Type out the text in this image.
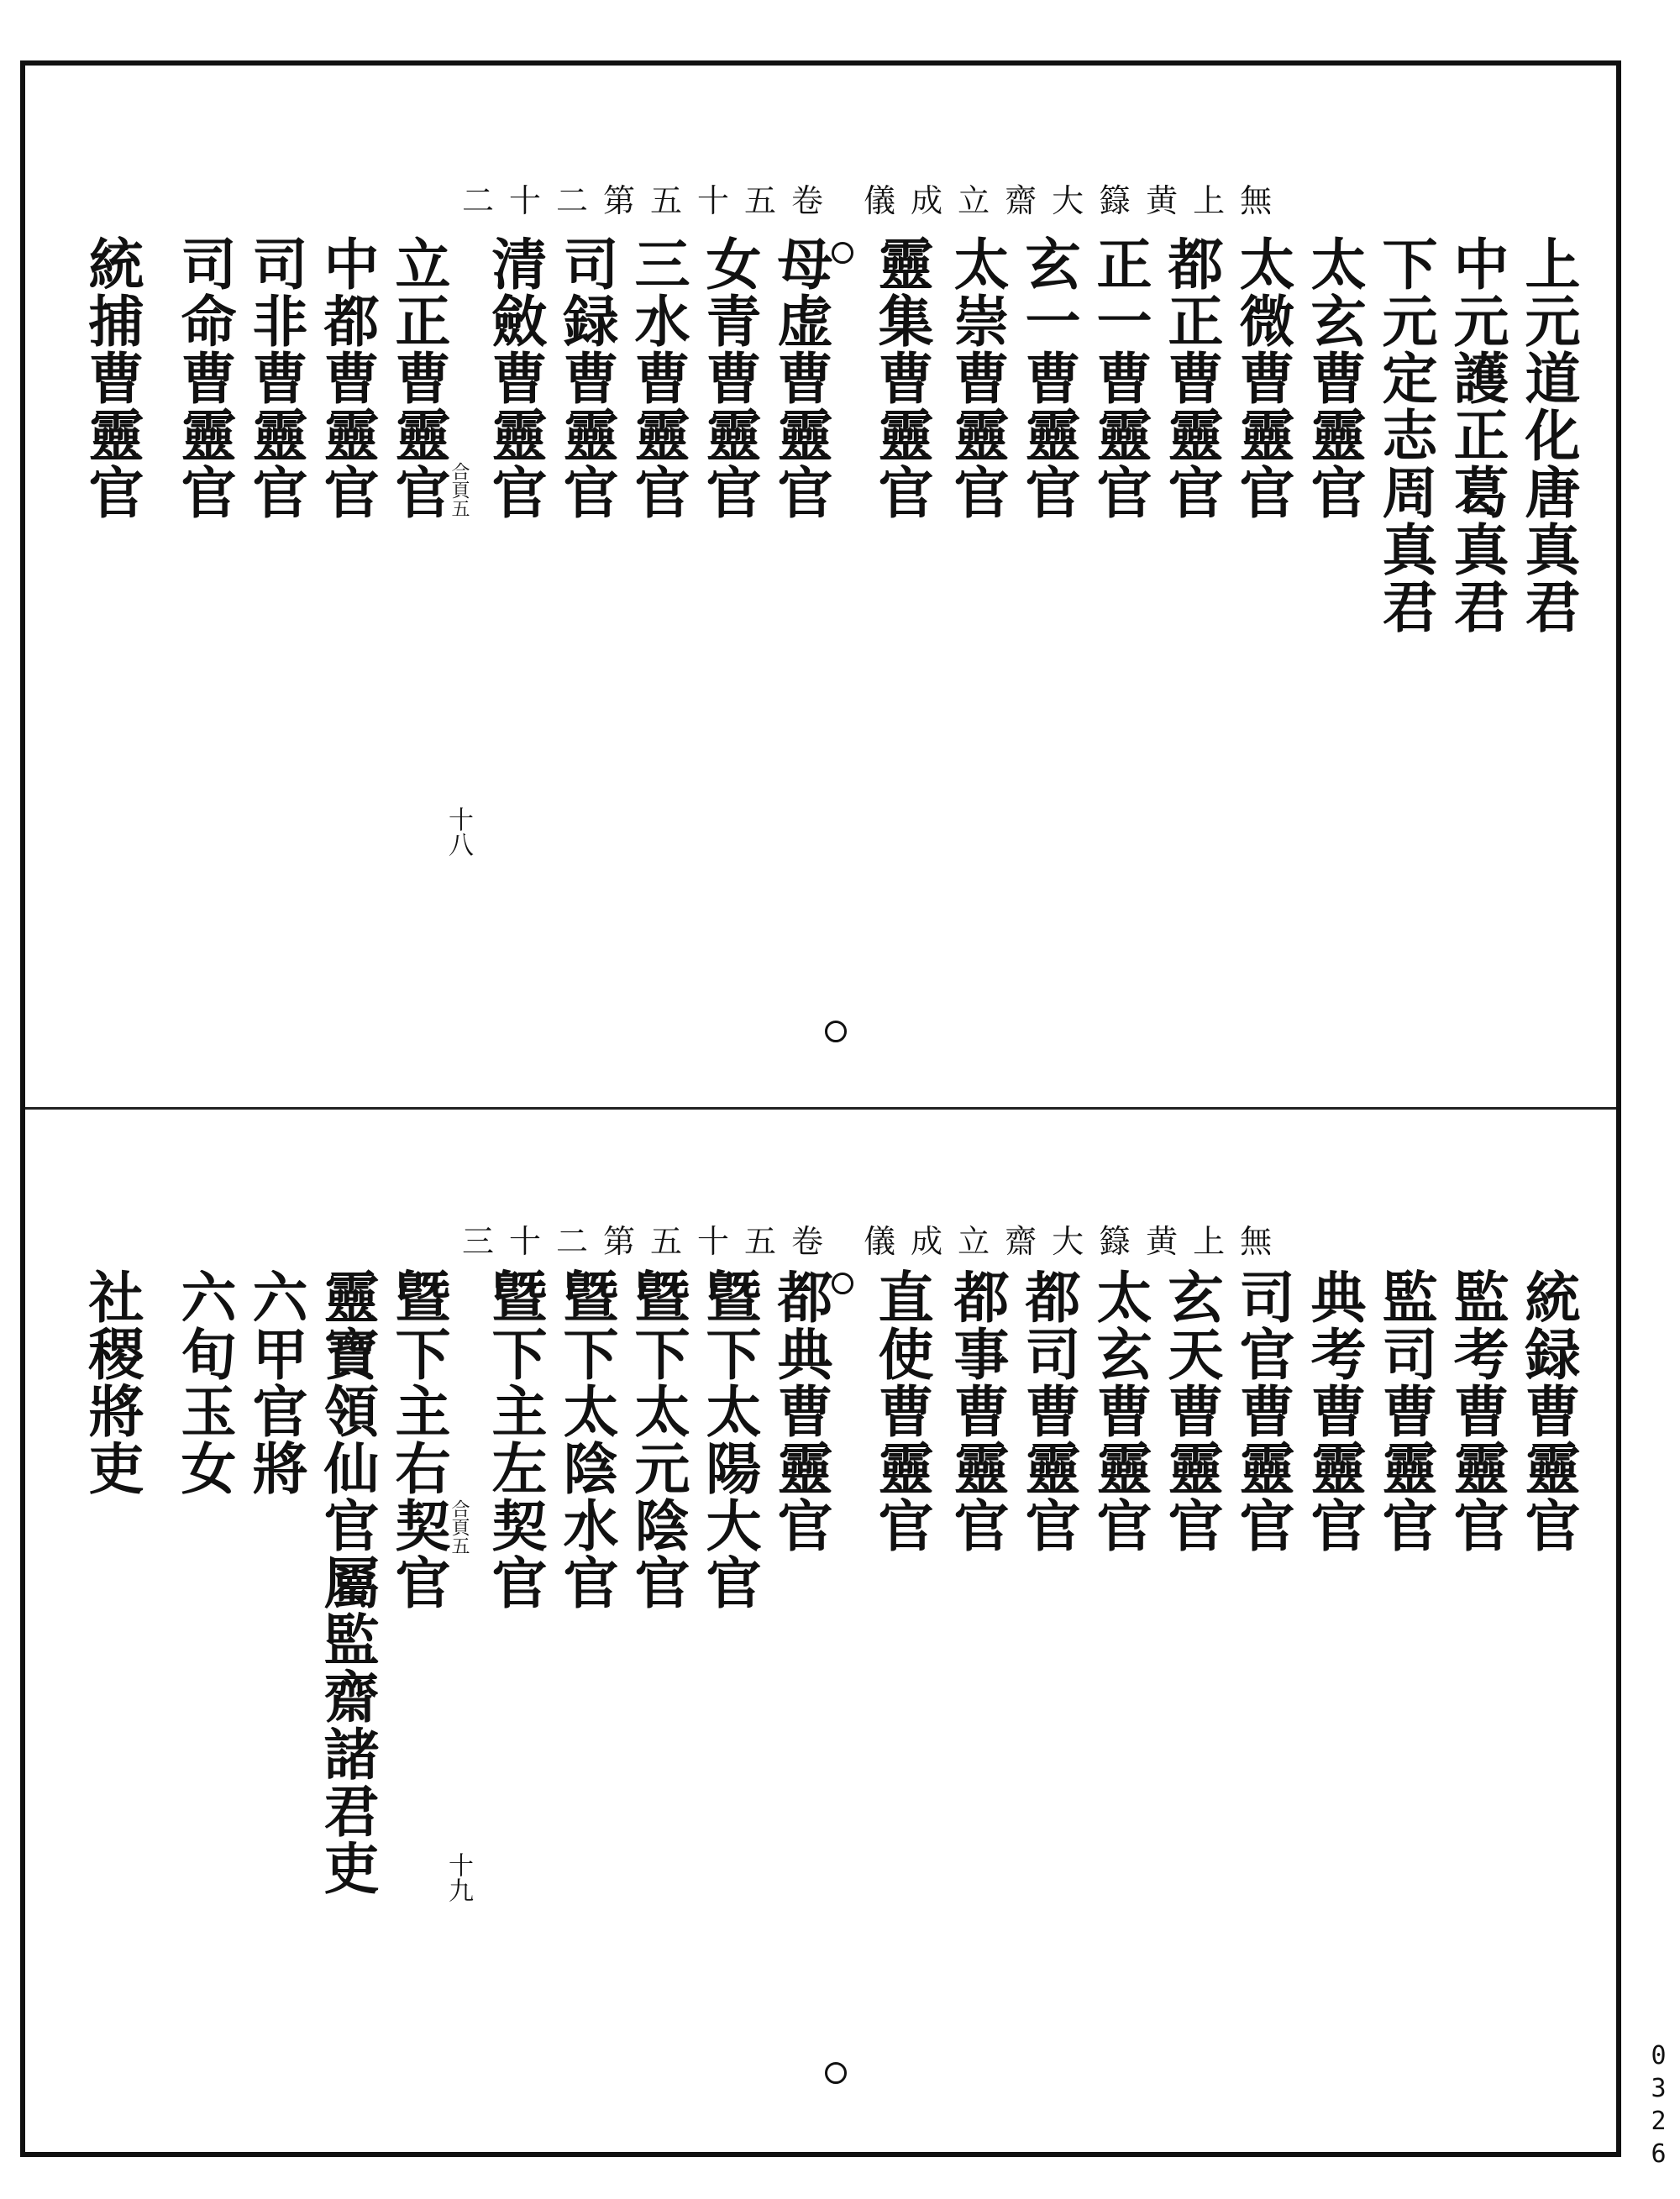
二十二第五十五卷 儀成立齋大籙黄上無
上元道化唐真君
中元護正葛真君
下元定志周真君
太玄曹靈官
太微曹靈官
都正曹靈官
正一曹靈官
玄一曹靈官
太崇曹靈官
靈集曹靈官
母虚曹靈官
女青曹靈官
三水曹靈官
司録曹靈官
清斂曹靈官
合頁五
立正曹靈官
中都曹靈官
司非曹靈官
司命曹靈官
統捕曹靈官
十八
三十二第五十五卷 儀成立齋大籙黄上無
統録曹靈官
監考曹靈官
監司曹靈官
典考曹靈官
司官曹靈官
玄天曹靈官
太玄曹靈官
都司曹靈官
都事曹靈官
直使曹靈官
都典曹靈官
曁下太陽大官
曁下太元陰官
曁下太陰水官
曁下主左契官
合頁五
曁下主右契官
靈寶領仙官屬監齋諸君吏
六甲官將
六旬玉女
社稷將吏
十九
0326
